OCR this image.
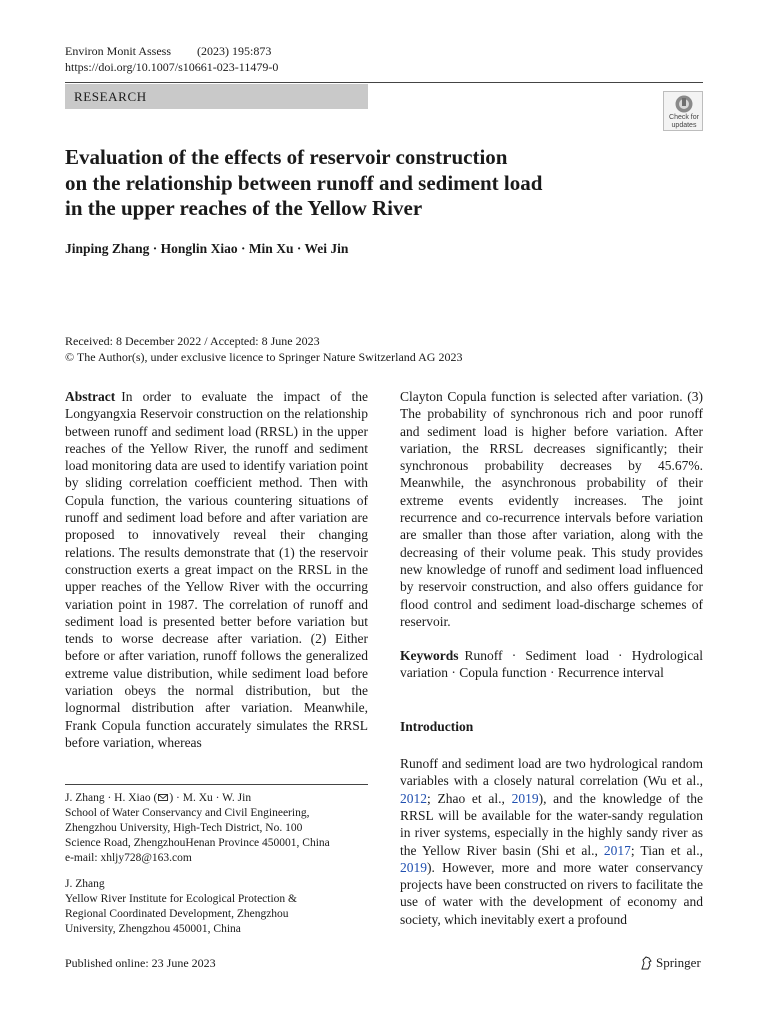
Environ Monit Assess (2023) 195:873
https://doi.org/10.1007/s10661-023-11479-0
RESEARCH
Check for updates
Evaluation of the effects of reservoir construction
on the relationship between runoff and sediment load
in the upper reaches of the Yellow River
Jinping Zhang · Honglin Xiao · Min Xu · Wei Jin
Received: 8 December 2022 / Accepted: 8 June 2023
© The Author(s), under exclusive licence to Springer Nature Switzerland AG 2023
Abstract In order to evaluate the impact of the Longyangxia Reservoir construction on the relationship between runoff and sediment load (RRSL) in the upper reaches of the Yellow River, the runoff and sediment load monitoring data are used to identify variation point by sliding correlation coefficient method. Then with Copula function, the various countering situations of runoff and sediment load before and after variation are proposed to innovatively reveal their changing relations. The results demonstrate that (1) the reservoir construction exerts a great impact on the RRSL in the upper reaches of the Yellow River with the occurring variation point in 1987. The correlation of runoff and sediment load is presented better before variation but tends to worse decrease after variation. (2) Either before or after variation, runoff follows the generalized extreme value distribution, while sediment load before variation obeys the normal distribution, but the lognormal distribution after variation. Meanwhile, Frank Copula function accurately simulates the RRSL before variation, whereas
Clayton Copula function is selected after variation. (3) The probability of synchronous rich and poor runoff and sediment load is higher before variation. After variation, the RRSL decreases significantly; their synchronous probability decreases by 45.67%. Meanwhile, the asynchronous probability of their extreme events evidently increases. The joint recurrence and co-recurrence intervals before variation are smaller than those after variation, along with the decreasing of their volume peak. This study provides new knowledge of runoff and sediment load influenced by reservoir construction, and also offers guidance for flood control and sediment load-discharge schemes of reservoir.
Keywords Runoff · Sediment load · Hydrological variation · Copula function · Recurrence interval
Introduction
Runoff and sediment load are two hydrological random variables with a closely natural correlation (Wu et al., 2012; Zhao et al., 2019), and the knowledge of the RRSL will be available for the water-sandy regulation in river systems, especially in the highly sandy river as the Yellow River basin (Shi et al., 2017; Tian et al., 2019). However, more and more water conservancy projects have been constructed on rivers to facilitate the use of water with the development of economy and society, which inevitably exert a profound

J. Zhang · H. Xiao ( ) · M. Xu · W. Jin
School of Water Conservancy and Civil Engineering,
Zhengzhou University, High-Tech District, No. 100
Science Road, ZhengzhouHenan Province 450001, China
e-mail: xhljy728@163.com

J. Zhang
Yellow River Institute for Ecological Protection &
Regional Coordinated Development, Zhengzhou
University, Zhengzhou 450001, China

Published online: 23 June 2023	Springer
